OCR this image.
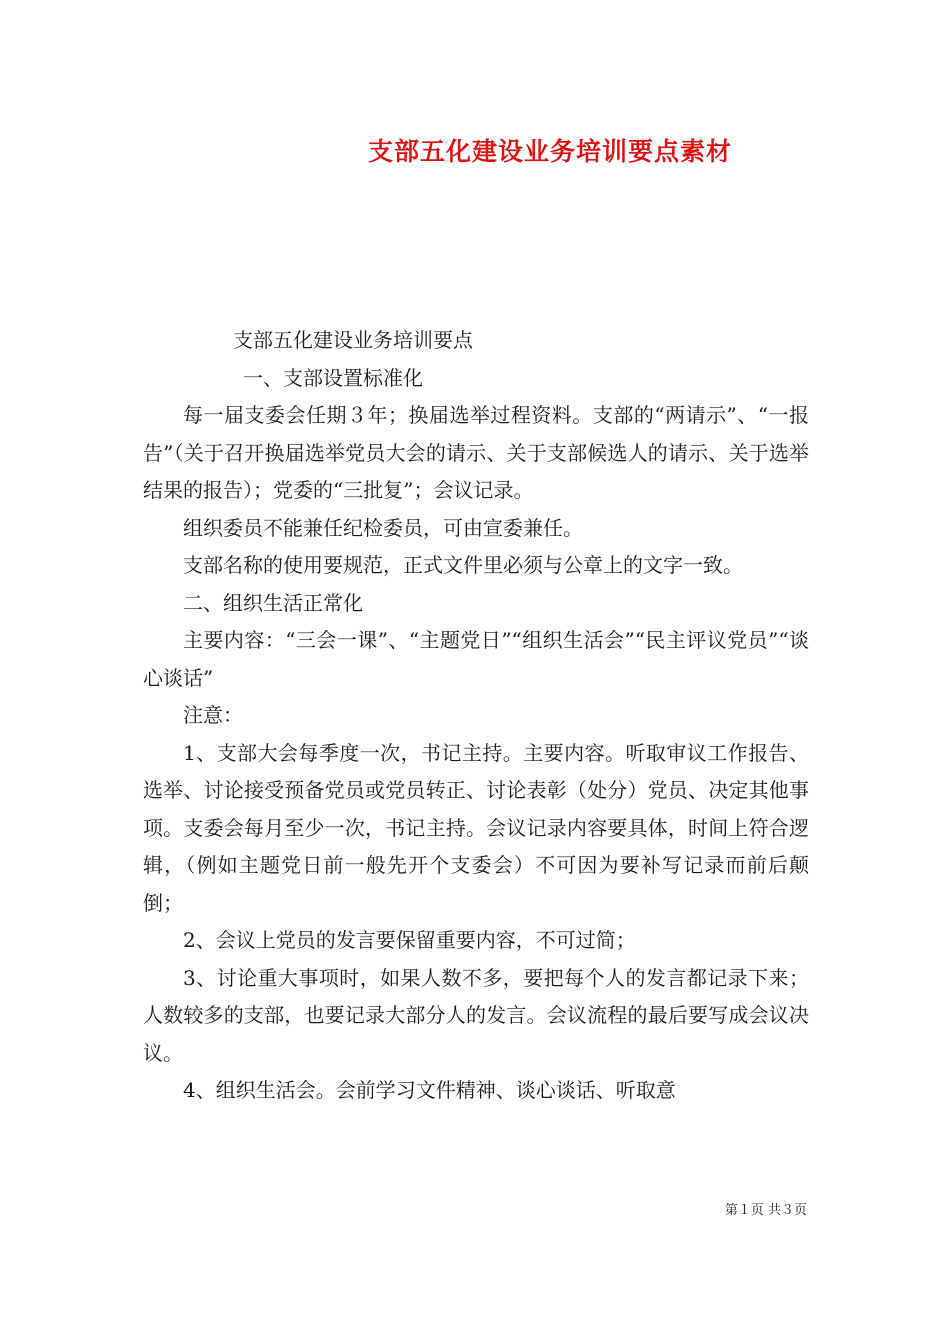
支部五化建设业务培训要点素材

支部五化建设业务培训要点

一、支部设置标准化

每一届支委会任期３年；换届选举过程资料。支部的“两请示”、“一报告”（关于召开换届选举党员大会的请示、关于支部候选人的请示、关于选举结果的报告）；党委的“三批复”；会议记录。

组织委员不能兼任纪检委员，可由宣委兼任。

支部名称的使用要规范，正式文件里必须与公章上的文字一致。

二、组织生活正常化

主要内容：“三会一课”、“主题党日”“组织生活会”“民主评议党员”“谈心谈话”

注意：

1、支部大会每季度一次，书记主持。主要内容。听取审议工作报告、选举、讨论接受预备党员或党员转正、讨论表彰（处分）党员、决定其他事项。支委会每月至少一次，书记主持。会议记录内容要具体，时间上符合逻辑，（例如主题党日前一般先开个支委会）不可因为要补写记录而前后颠倒；

2、会议上党员的发言要保留重要内容，不可过简；

3、讨论重大事项时，如果人数不多，要把每个人的发言都记录下来；人数较多的支部，也要记录大部分人的发言。会议流程的最后要写成会议决议。

4、组织生活会。会前学习文件精神、谈心谈话、听取意

第１页 共３页
